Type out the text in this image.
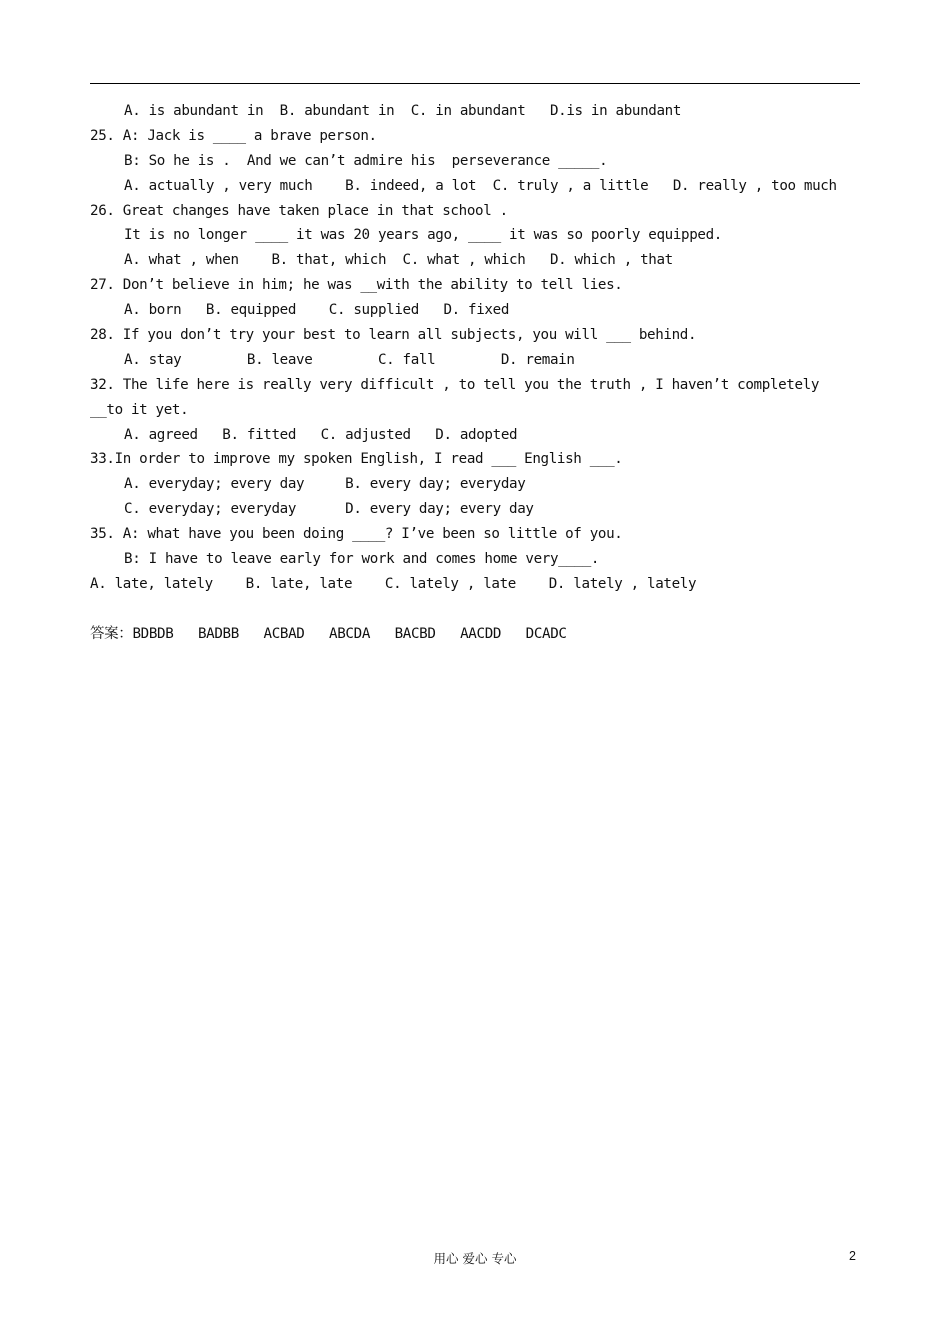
A. is abundant in  B. abundant in  C. in abundant   D.is in abundant
25. A: Jack is ____ a brave person.
B: So he is .  And we can’t admire his  perseverance _____.
A. actually , very much    B. indeed, a lot  C. truly , a little   D. really , too much
26. Great changes have taken place in that school .
It is no longer ____ it was 20 years ago, ____ it was so poorly equipped.
A. what , when    B. that, which  C. what , which   D. which , that
27. Don’t believe in him; he was __with the ability to tell lies.
A. born   B. equipped    C. supplied   D. fixed
28. If you don’t try your best to learn all subjects, you will ___ behind.
A. stay        B. leave        C. fall        D. remain
32. The life here is really very difficult , to tell you the truth , I haven’t completely
__to it yet.
A. agreed   B. fitted   C. adjusted   D. adopted
33.In order to improve my spoken English, I read ___ English ___.
A. everyday; every day     B. every day; everyday
C. everyday; everyday      D. every day; every day
35. A: what have you been doing ____? I’ve been so little of you.
B: I have to leave early for work and comes home very____.
A. late, lately    B. late, late    C. lately , late    D. lately , lately
答案：BDBDB   BADBB   ACBAD   ABCDA   BACBD   AACDD   DCADC
用心 爱心 专心	2
